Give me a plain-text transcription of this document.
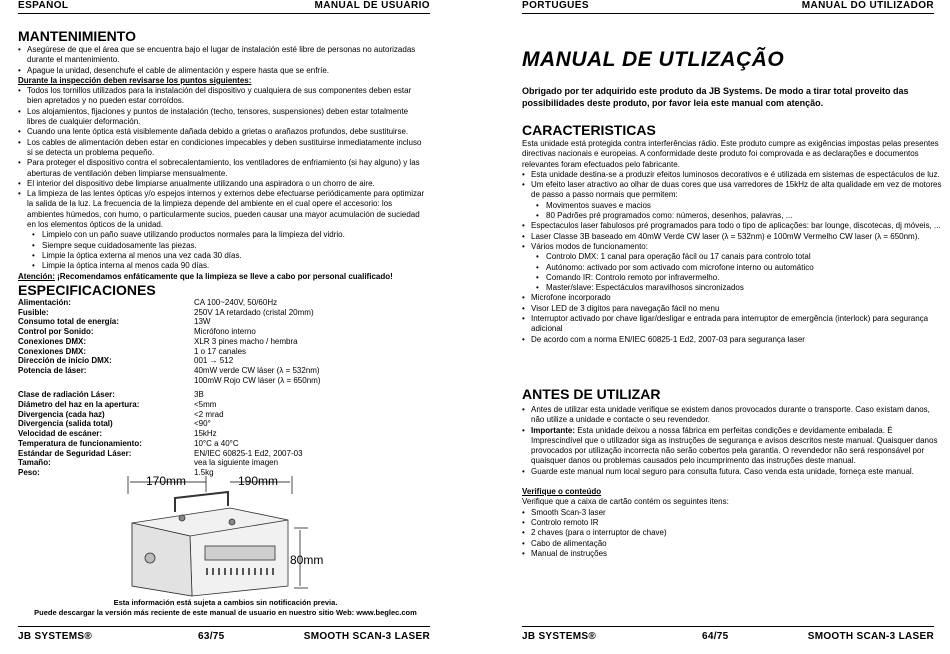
ESPAÑOL	MANUAL DE USUARIO
MANTENIMIENTO
• Asegúrese de que el área que se encuentra bajo el lugar de instalación esté libre de personas no autorizadas durante el mantenimiento.
• Apague la unidad, desenchufe el cable de alimentación y espere hasta que se enfríe.
Durante la inspección deben revisarse los puntos siguientes:
• Todos los tornillos utilizados para la instalación del dispositivo y cualquiera de sus componentes deben estar bien apretados y no pueden estar corroídos.
• Los alojamientos, fijaciones y puntos de instalación (techo, tensores, suspensiones) deben estar totalmente libres de cualquier deformación.
• Cuando una lente óptica está visiblemente dañada debido a grietas o arañazos profundos, debe sustituirse.
• Los cables de alimentación deben estar en condiciones impecables y deben sustituirse inmediatamente incluso si se detecta un problema pequeño.
• Para proteger el dispositivo contra el sobrecalentamiento, los ventiladores de enfriamiento (si hay alguno) y las aberturas de ventilación deben limpiarse mensualmente.
• El interior del dispositivo debe limpiarse anualmente utilizando una aspiradora o un chorro de aire.
• La limpieza de las lentes ópticas y/o espejos internos y externos debe efectuarse periódicamente para optimizar la salida de la luz. La frecuencia de la limpieza depende del ambiente en el cual opere el accesorio: los ambientes húmedos, con humo, o particularmente sucios, pueden causar una mayor acumulación de suciedad en los elementos ópticos de la unidad.
• Limpielo con un paño suave utilizando productos normales para la limpieza del vidrio.
• Siempre seque cuidadosamente las piezas.
• Limpie la óptica externa al menos una vez cada 30 días.
• Limpie la óptica interna al menos cada 90 días.
Atención: ¡Recomendamos enfáticamente que la limpieza se lleve a cabo por personal cualificado!
ESPECIFICACIONES
Alimentación:	CA 100~240V, 50/60Hz
Fusible:	250V 1A retardado (cristal 20mm)
Consumo total de energía:	13W
Control por Sonido:	Micrófono interno
Conexiones DMX:	XLR 3 pines macho / hembra
Conexiones DMX:	1 o 17 canales
Dirección de inicio DMX:	001 → 512
Potencia de láser:	40mW verde CW láser (λ = 532nm)
100mW Rojo CW láser (λ = 650nm)
Clase de radiación Láser:	3B
Diámetro del haz en la apertura:	<5mm
Divergencia (cada haz)	<2 mrad
Divergencia (salida total)	<90°
Velocidad de escáner:	15kHz
Temperatura de funcionamiento:	10°C a 40°C
Estándar de Seguridad Láser:	EN/IEC 60825-1 Ed2, 2007-03
Tamaño:	vea la siguiente imagen
Peso:	1.5kg
170mm	190mm
80mm
Esta información está sujeta a cambios sin notificación previa.
Puede descargar la versión más reciente de este manual de usuario en nuestro sitio Web: www.beglec.com
JB SYSTEMS®	63/75	SMOOTH SCAN-3 LASER
PORTUGUÊS	MANUAL DO UTILIZADOR
MANUAL DE UTLIZAÇÃO
Obrigado por ter adquirido este produto da JB Systems. De modo a tirar total proveito das possibilidades deste produto, por favor leia este manual com atenção.
CARACTERISTICAS
Esta unidade está protegida contra interferências rádio. Este produto cumpre as exigências impostas pelas presentes directivas nacionais e europeias. A conformidade deste produto foi comprovada e as declarações e documentos relevantes foram efectuados pelo fabricante.
• Esta unidade destina-se a produzir efeitos luminosos decorativos e é utilizada em sistemas de espectáculos de luz.
• Um efeito laser atractivo ao olhar de duas cores que usa varredores de 15kHz de alta qualidade em vez de motores de passo a passo normais que permitem:
• Movimentos suaves e macios
• 80 Padrões pré programados como: números, desenhos, palavras, ...
• Espectaculos laser fabulosos pré programados para todo o tipo de aplicações: bar lounge, discotecas, dj móveis, ...
• Laser Classe 3B baseado em 40mW Verde CW laser (λ = 532nm) e 100mW Vermelho CW laser (λ = 650nm).
• Vários modos de funcionamento:
• Controlo DMX: 1 canal para operação fácil ou 17 canais para controlo total
• Autónomo: activado por som activado com microfone interno ou automático
• Comando IR: Controlo remoto por infravermelho.
• Master/slave: Espectáculos maravilhosos sincronizados
• Microfone incorporado
• Visor LED de 3 digitos para navegação fácil no menu
• Interruptor activado por chave ligar/desligar e entrada para interruptor de emergência (interlock) para segurança adicional
• De acordo com a norma EN/IEC 60825-1 Ed2, 2007-03 para segurança laser
ANTES DE UTILIZAR
• Antes de utilizar esta unidade verifique se existem danos provocados durante o transporte. Caso existam danos, não utilize a unidade e contacte o seu revendedor.
• Importante: Esta unidade deixou a nossa fábrica em perfeitas condições e devidamente embalada. É Imprescindível que o utilizador siga as instruções de segurança e avisos descritos neste manual. Quaisquer danos provocados por utilização incorrecta não serão cobertos pela garantia. O revendedor não será responsável por quaisquer danos ou problemas causados pelo incumprimento das instruções deste manual.
• Guarde este manual num local seguro para consulta futura. Caso venda esta unidade, forneça este manual.
Verifique o conteúdo
Verifique que a caixa de cartão contém os seguintes itens:
• Smooth Scan-3 laser
• Controlo remoto IR
• 2 chaves (para o interruptor de chave)
• Cabo de alimentação
• Manual de instruções
JB SYSTEMS®	64/75	SMOOTH SCAN-3 LASER
